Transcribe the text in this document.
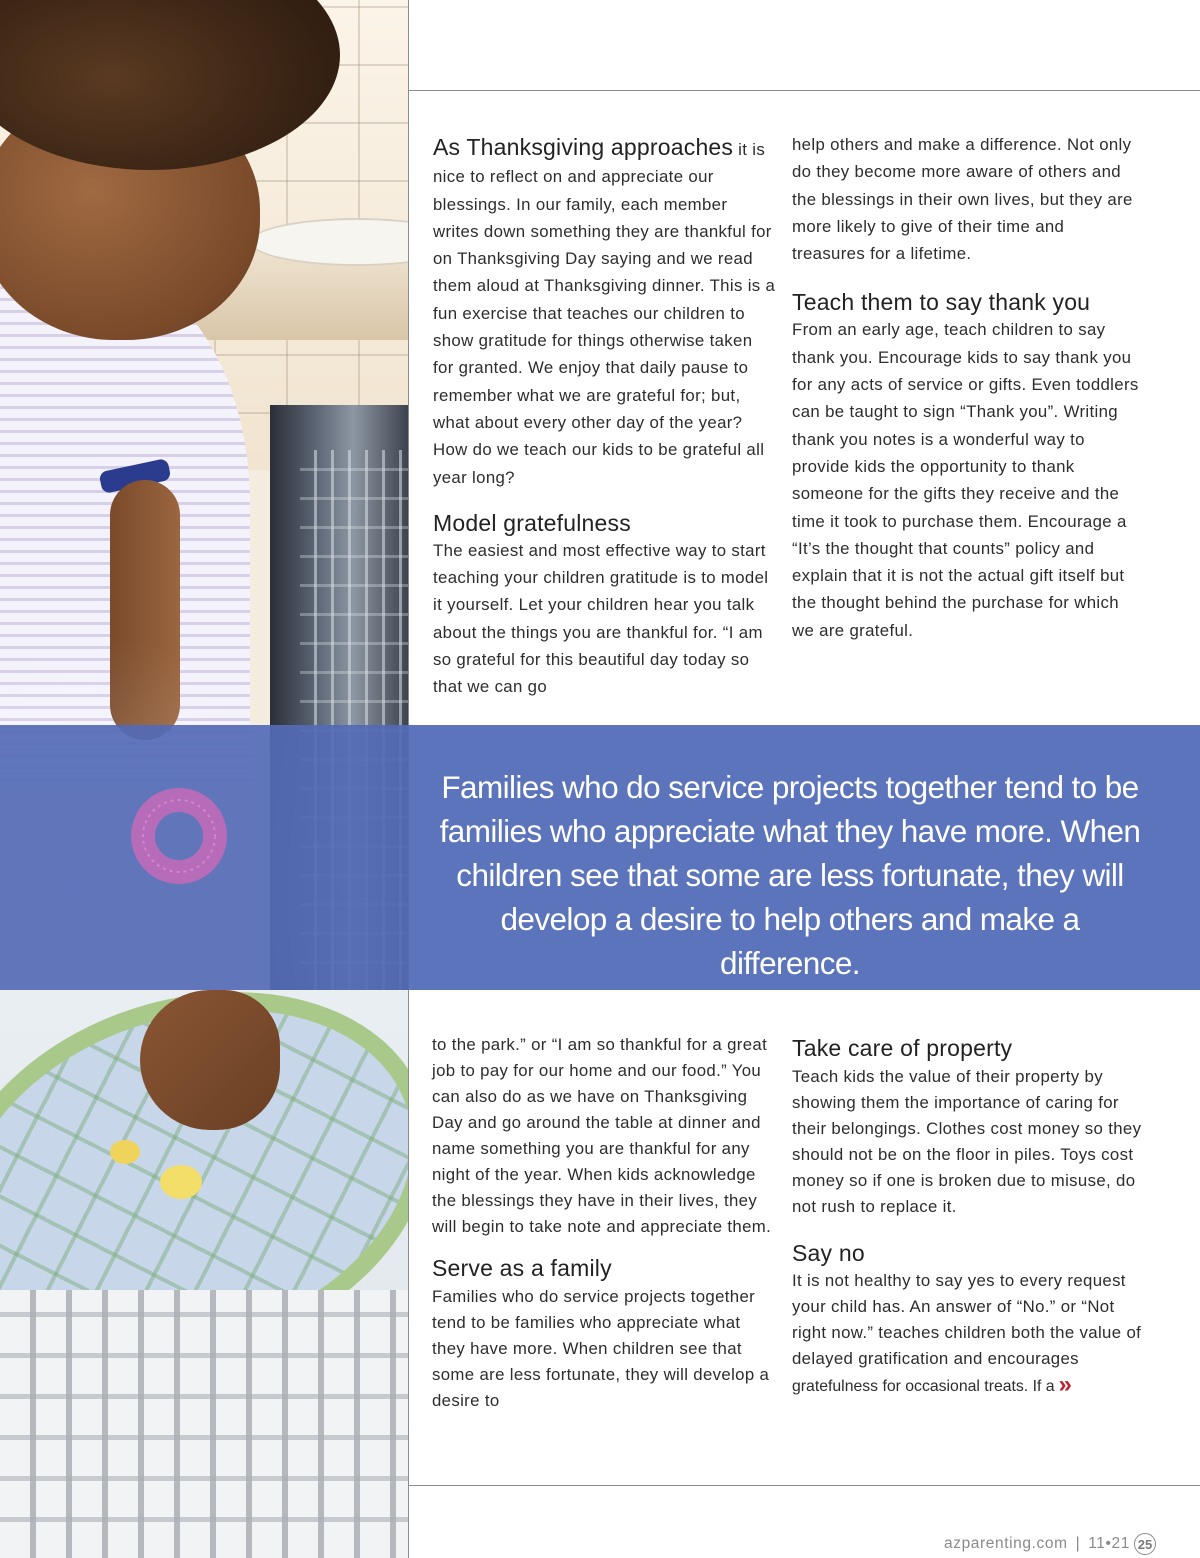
As Thanksgiving approaches it is nice to reflect on and appreciate our blessings. In our family, each member writes down something they are thankful for on Thanksgiving Day saying and we read them aloud at Thanksgiving dinner. This is a fun exercise that teaches our children to show gratitude for things otherwise taken for granted. We enjoy that daily pause to remember what we are grateful for; but, what about every other day of the year? How do we teach our kids to be grateful all year long?

Model gratefulness

The easiest and most effective way to start teaching your children gratitude is to model it yourself. Let your children hear you talk about the things you are thankful for. “I am so grateful for this beautiful day today so that we can go

help others and make a difference. Not only do they become more aware of others and the blessings in their own lives, but they are more likely to give of their time and treasures for a lifetime.

Teach them to say thank you

From an early age, teach children to say thank you. Encourage kids to say thank you for any acts of service or gifts. Even toddlers can be taught to sign “Thank you”. Writing thank you notes is a wonderful way to provide kids the opportunity to thank someone for the gifts they receive and the time it took to purchase them. Encourage a “It’s the thought that counts” policy and explain that it is not the actual gift itself but the thought behind the purchase for which we are grateful.

Families who do service projects together tend to be families who appreciate what they have more. When children see that some are less fortunate, they will develop a desire to help others and make a difference.

to the park.” or “I am so thankful for a great job to pay for our home and our food.” You can also do as we have on Thanksgiving Day and go around the table at dinner and name something you are thankful for any night of the year. When kids acknowledge the blessings they have in their lives, they will begin to take note and appreciate them.

Serve as a family

Families who do service projects together tend to be families who appreciate what they have more. When children see that some are less fortunate, they will develop a desire to

Take care of property

Teach kids the value of their property by showing them the importance of caring for their belongings. Clothes cost money so they should not be on the floor in piles. Toys cost money so if one is broken due to misuse, do not rush to replace it.

Say no

It is not healthy to say yes to every request your child has. An answer of “No.” or “Not right now.” teaches children both the value of delayed gratification and encourages
gratefulness for occasional treats. If a »

azparenting.com | 11•21 25
